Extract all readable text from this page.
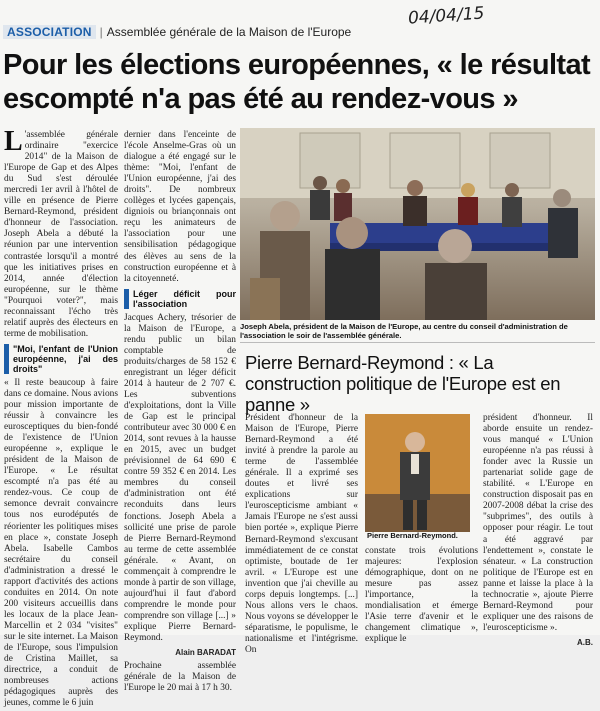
ASSOCIATION | Assemblée générale de la Maison de l'Europe
04/04/15
Pour les élections européennes, « le résultat escompté n'a pas été au rendez-vous »

L 'assemblée générale ordinaire "exercice 2014" de la Maison de l'Europe de Gap et des Alpes du Sud s'est déroulée mercredi 1er avril à l'hôtel de ville en présence de Pierre Bernard-Reymond, président d'honneur de l'association. Joseph Abela a débuté la réunion par une intervention contrastée lorsqu'il a montré que les initiatives prises en 2014, année d'élection européenne, sur le thème "Pourquoi voter?", mais reconnaissant l'écho très relatif auprès des électeurs en terme de mobilisation.

"Moi, l'enfant de l'Union européenne, j'ai des droits"

« Il reste beaucoup à faire dans ce domaine. Nous avions pour mission importante de réussir à convaincre les eurosceptiques du bien-fondé de l'existence de l'Union européenne », explique le président de la Maison de l'Europe. « Le résultat escompté n'a pas été au rendez-vous. Ce coup de semonce devrait convaincre tous nos eurodéputés de réorienter les politiques mises en place », constate Joseph Abela. Isabelle Cambos secrétaire du conseil d'administration a dressé le rapport d'activités des actions conduites en 2014. On note 200 visiteurs accueillis dans les locaux de la place Jean-Marcellin et 2 034 "visites" sur le site internet. La Maison de l'Europe, sous l'impulsion de Cristina Maillet, sa directrice, a conduit de nombreuses actions pédagogiques auprès des jeunes, comme le 6 juin

dernier dans l'enceinte de l'école Anselme-Gras où un dialogue a été engagé sur le thème: "Moi, l'enfant de l'Union européenne, j'ai des droits". De nombreux collèges et lycées gapençais, digniois ou briançonnais ont reçu les animateurs de l'association pour une sensibilisation pédagogique des élèves au sens de la construction européenne et à la citoyenneté.

Léger déficit pour l'association

Jacques Achery, trésorier de la Maison de l'Europe, a rendu public un bilan comptable de produits/charges de 58 152 € enregistrant un léger déficit 2014 à hauteur de 2 707 €. Les subventions d'exploitations, dont la Ville de Gap est le principal contributeur avec 30 000 € en 2014, sont revues à la hausse en 2015, avec un budget prévisionnel de 64 690 € contre 59 352 € en 2014. Les membres du conseil d'administration ont été reconduits dans leurs fonctions. Joseph Abela a sollicité une prise de parole de Pierre Bernard-Reymond au terme de cette assemblée générale. « Avant, on commençait à comprendre le monde à partir de son village, aujourd'hui il faut d'abord comprendre le monde pour comprendre son village [...] » explique Pierre Bernard-Reymond.

Alain BARADAT

Prochaine assemblée générale de la Maison de l'Europe le 20 mai à 17 h 30.

Joseph Abela, président de la Maison de l'Europe, au centre du conseil d'administration de l'association le soir de l'assemblée générale.
Pierre Bernard-Reymond : « La construction politique de l'Europe est en panne »

Président d'honneur de la Maison de l'Europe, Pierre Bernard-Reymond a été invité à prendre la parole au terme de l'assemblée générale. Il a exprimé ses doutes et livré ses explications sur l'euroscepticisme ambiant « Jamais l'Europe ne s'est aussi bien portée », explique Pierre Bernard-Reymond s'excusant immédiatement de ce constat optimiste, boutade de 1er avril. « L'Europe est une invention que j'ai cheville au corps depuis longtemps. [...] Nous allons vers le chaos. Nous voyons se développer le séparatisme, le populisme, le nationalisme et l'intégrisme. On

Pierre Bernard-Reymond.

constate trois évolutions majeures: l'explosion démographique, dont on ne mesure pas assez l'importance, la mondialisation et émerge l'Asie terre d'avenir et le changement climatique », explique le

président d'honneur. Il aborde ensuite un rendez-vous manqué « L'Union européenne n'a pas réussi à fonder avec la Russie un partenariat solide gage de stabilité. « L'Europe en construction disposait pas en 2007-2008 débat la crise des "subprimes", des outils à opposer pour réagir. Le tout a été aggravé par l'endettement », constate le sénateur. « La construction politique de l'Europe est en panne et laisse la place à la technocratie », ajoute Pierre Bernard-Reymond pour expliquer une des raisons de l'euroscepticisme ».

A.B.
